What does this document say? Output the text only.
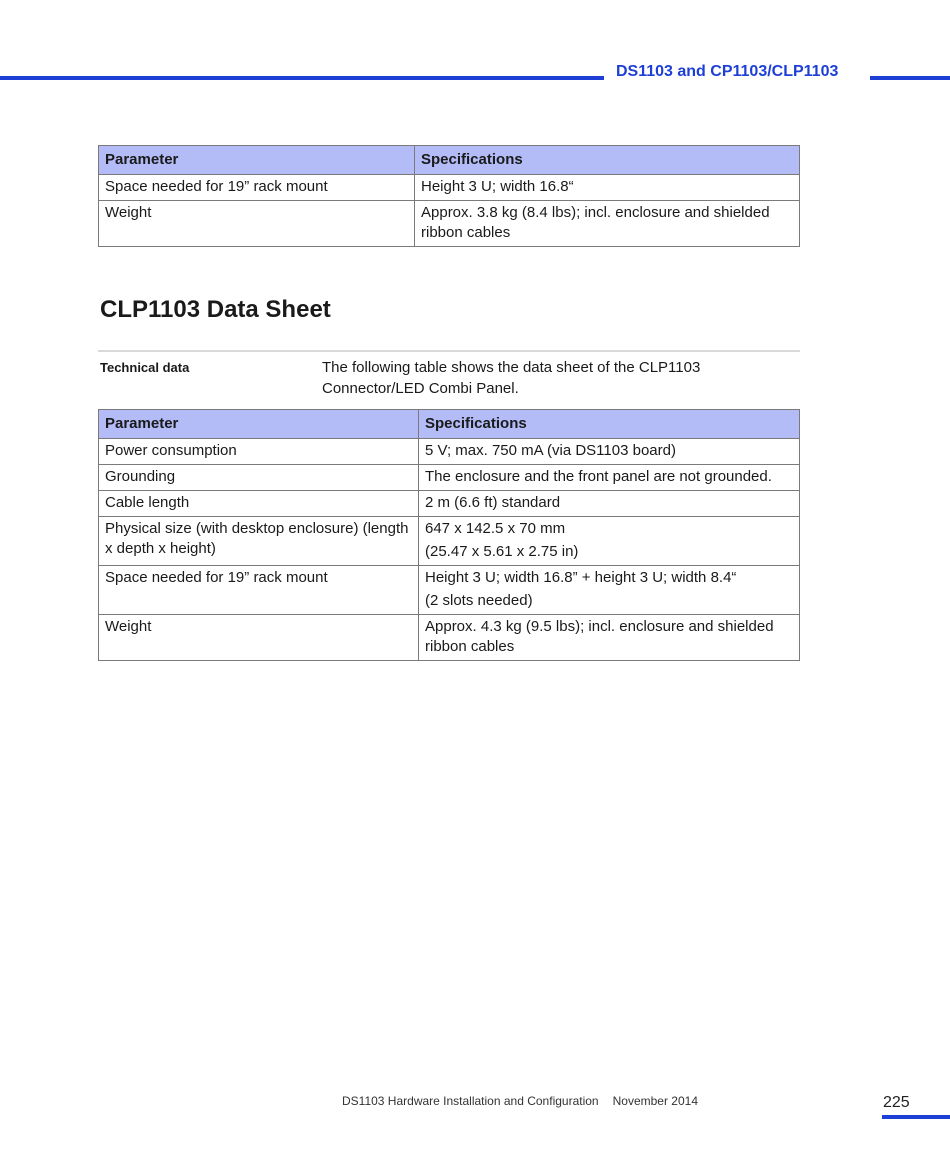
DS1103 and CP1103/CLP1103
Parameter	Specifications
Space needed for 19” rack mount	Height 3 U; width 16.8“
Weight	Approx. 3.8 kg (8.4 lbs); incl. enclosure and shielded ribbon cables
CLP1103 Data Sheet
Technical data	The following table shows the data sheet of the CLP1103 Connector/LED Combi Panel.
Parameter	Specifications
Power consumption	5 V; max. 750 mA (via DS1103 board)
Grounding	The enclosure and the front panel are not grounded.
Cable length	2 m (6.6 ft) standard
Physical size (with desktop enclosure) (length x depth x height)	647 x 142.5 x 70 mm
(25.47 x 5.61 x 2.75 in)

Space needed for 19” rack mount	Height 3 U; width 16.8” + height 3 U; width 8.4“
(2 slots needed)

Weight	Approx. 4.3 kg (9.5 lbs); incl. enclosure and shielded ribbon cables
DS1103 Hardware Installation and Configuration November 2014	225
